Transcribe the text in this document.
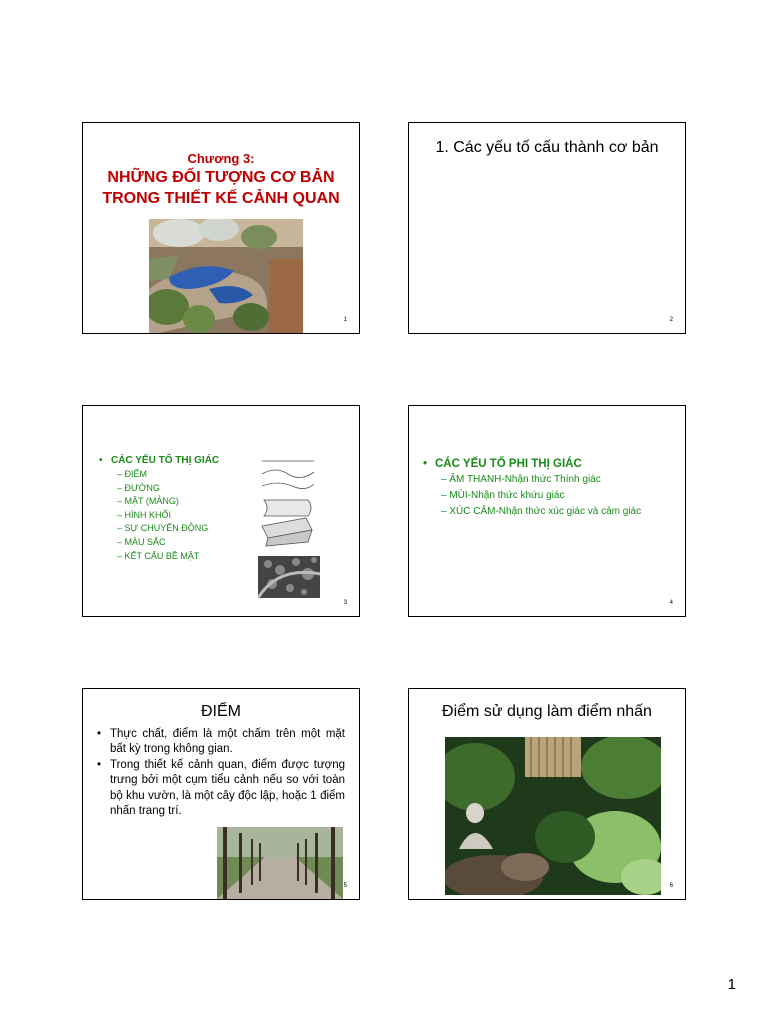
Chương 3:
NHỮNG ĐỐI TƯỢNG CƠ BẢN
TRONG THIẾT KẾ CẢNH QUAN
1
1. Các yếu tố cấu thành cơ bản
2
• CÁC YẾU TỐ THỊ GIÁC
– ĐIỂM
– ĐƯỜNG
– MẶT (MẢNG)
– HÌNH KHỐI
– SỰ CHUYỂN ĐỘNG
– MÀU SẮC
– KẾT CẤU BỀ MẶT
3
• CÁC YẾU TỐ PHI THỊ GIÁC
– ÂM THANH-Nhận thức Thính giác
– MÙI-Nhận thức khứu giác
– XÚC CẢM-Nhận thức xúc giác và cảm giác
4
ĐIỂM
• Thực chất, điểm là một chấm trên một mặt bất kỳ trong không gian.
• Trong thiết kế cảnh quan, điểm được tượng trưng bởi một cụm tiểu cảnh nếu so với toàn bộ khu vườn, là một cây độc lập, hoặc 1 điểm nhấn trang trí.
5
Điểm sử dụng làm điểm nhấn
6
1
